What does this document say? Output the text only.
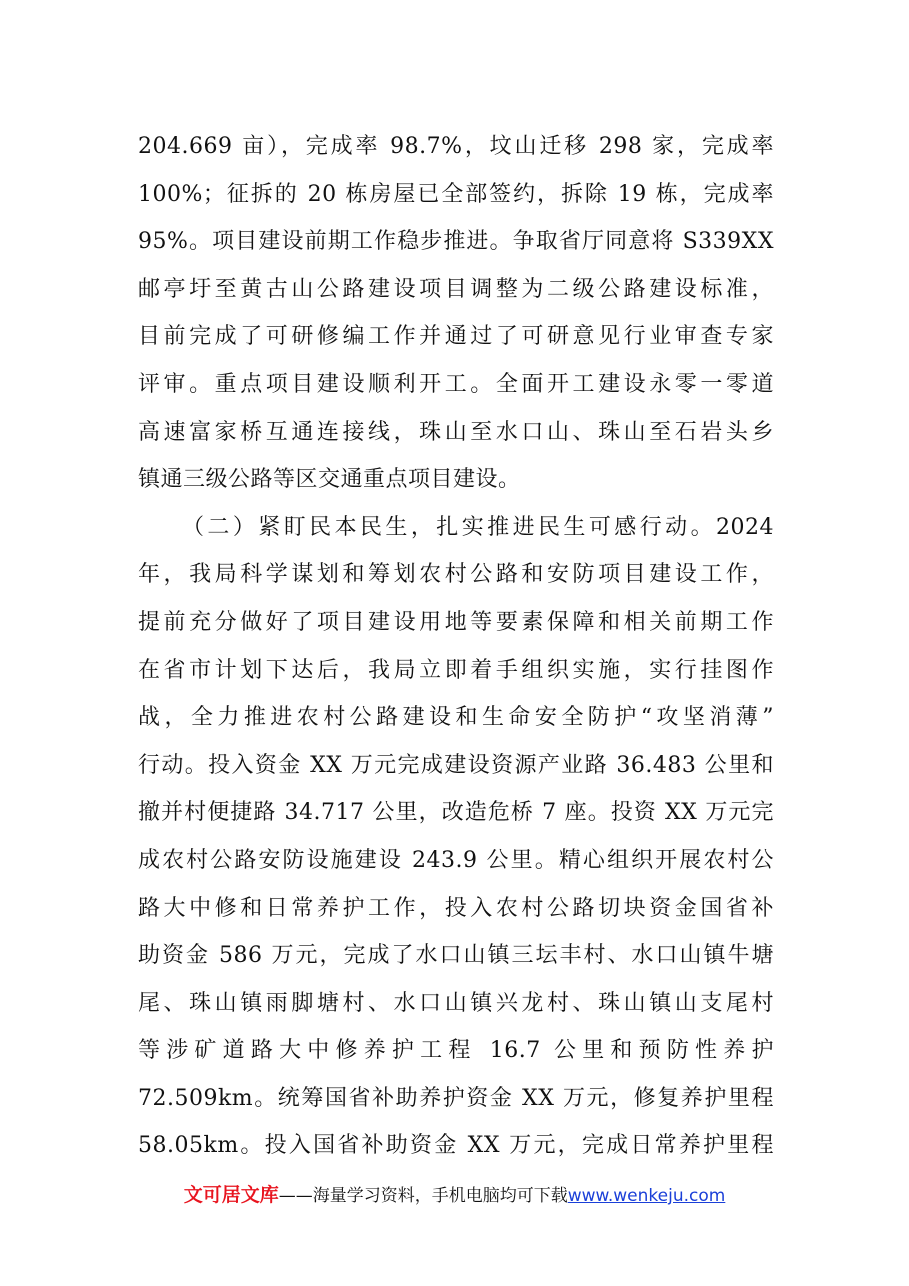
204.669 亩），完成率 98.7%，坟山迁移 298 家，完成率
100%；征拆的 20 栋房屋已全部签约，拆除 19 栋，完成率
95%。项目建设前期工作稳步推进。争取省厅同意将 S339XX
邮亭圩至黄古山公路建设项目调整为二级公路建设标准，
目前完成了可研修编工作并通过了可研意见行业审查专家
评审。重点项目建设顺利开工。全面开工建设永零一零道
高速富家桥互通连接线，珠山至水口山、珠山至石岩头乡
镇通三级公路等区交通重点项目建设。
（二）紧盯民本民生，扎实推进民生可感行动。2024
年，我局科学谋划和筹划农村公路和安防项目建设工作，
提前充分做好了项目建设用地等要素保障和相关前期工作
在省市计划下达后，我局立即着手组织实施，实行挂图作
战，全力推进农村公路建设和生命安全防护“攻坚消薄”
行动。投入资金 XX 万元完成建设资源产业路 36.483 公里和
撤并村便捷路 34.717 公里，改造危桥 7 座。投资 XX 万元完
成农村公路安防设施建设 243.9 公里。精心组织开展农村公
路大中修和日常养护工作，投入农村公路切块资金国省补
助资金 586 万元，完成了水口山镇三坛丰村、水口山镇牛塘
尾、珠山镇雨脚塘村、水口山镇兴龙村、珠山镇山支尾村
等涉矿道路大中修养护工程 16.7 公里和预防性养护
72.509km。统筹国省补助养护资金 XX 万元，修复养护里程
58.05km。投入国省补助资金 XX 万元，完成日常养护里程
文可居文库——海量学习资料，手机电脑均可下载www.wenkeju.com
